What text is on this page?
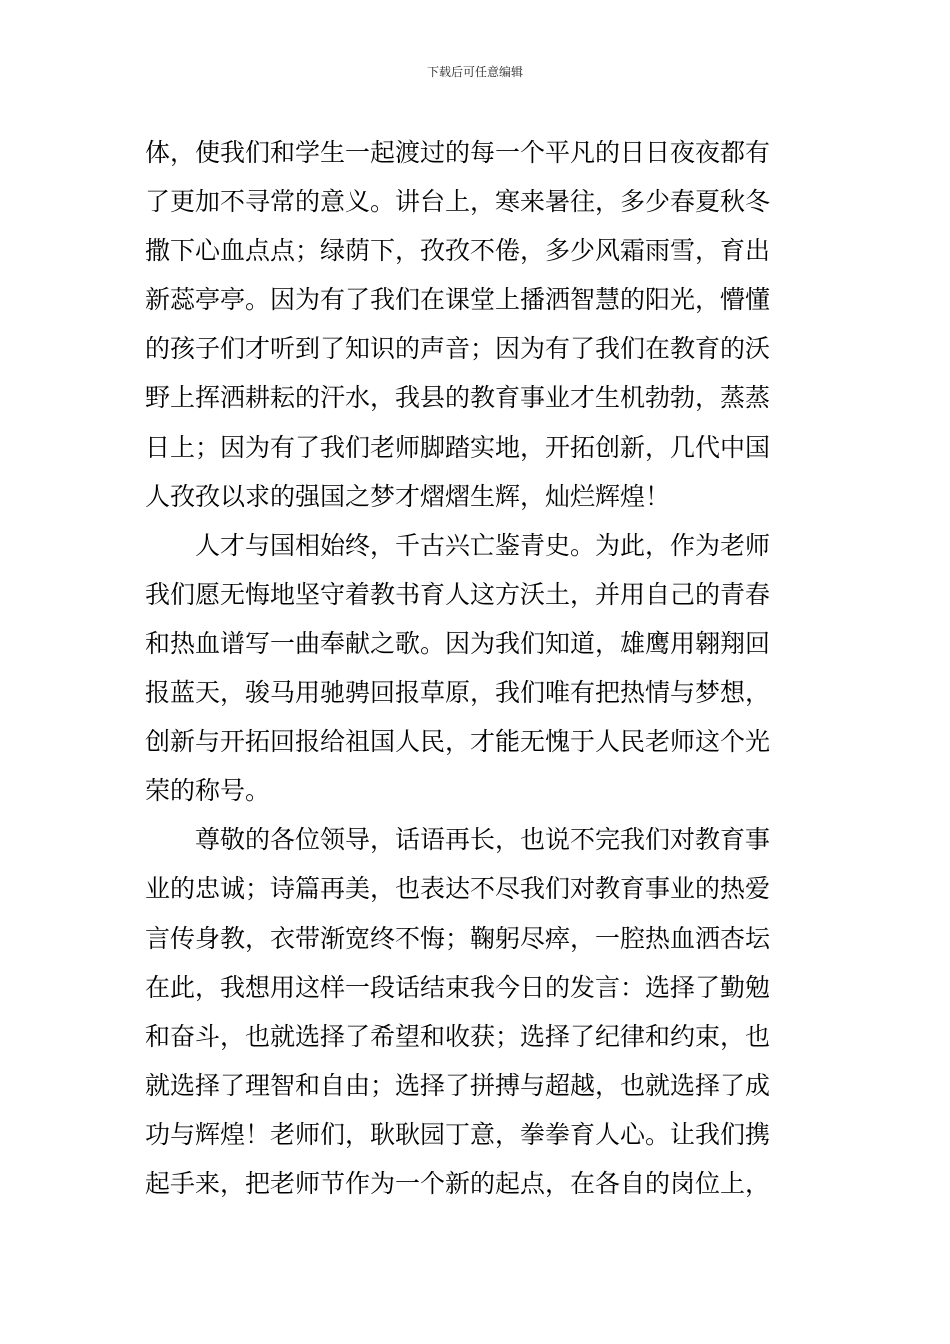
下载后可任意编辑
体，使我们和学生一起渡过的每一个平凡的日日夜夜都有
了更加不寻常的意义。讲台上，寒来暑往，多少春夏秋冬
撒下心血点点；绿荫下，孜孜不倦，多少风霜雨雪，育出
新蕊亭亭。因为有了我们在课堂上播洒智慧的阳光，懵懂
的孩子们才听到了知识的声音；因为有了我们在教育的沃
野上挥洒耕耘的汗水，我县的教育事业才生机勃勃，蒸蒸
日上；因为有了我们老师脚踏实地，开拓创新，几代中国
人孜孜以求的强国之梦才熠熠生辉，灿烂辉煌！
人才与国相始终，千古兴亡鉴青史。为此，作为老师
我们愿无悔地坚守着教书育人这方沃土，并用自己的青春
和热血谱写一曲奉献之歌。因为我们知道，雄鹰用翱翔回
报蓝天，骏马用驰骋回报草原，我们唯有把热情与梦想，
创新与开拓回报给祖国人民，才能无愧于人民老师这个光
荣的称号。
尊敬的各位领导，话语再长，也说不完我们对教育事
业的忠诚；诗篇再美，也表达不尽我们对教育事业的热爱
言传身教，衣带渐宽终不悔；鞠躬尽瘁，一腔热血洒杏坛
在此，我想用这样一段话结束我今日的发言：选择了勤勉
和奋斗，也就选择了希望和收获；选择了纪律和约束，也
就选择了理智和自由；选择了拼搏与超越，也就选择了成
功与辉煌！老师们，耿耿园丁意，拳拳育人心。让我们携
起手来，把老师节作为一个新的起点，在各自的岗位上，
